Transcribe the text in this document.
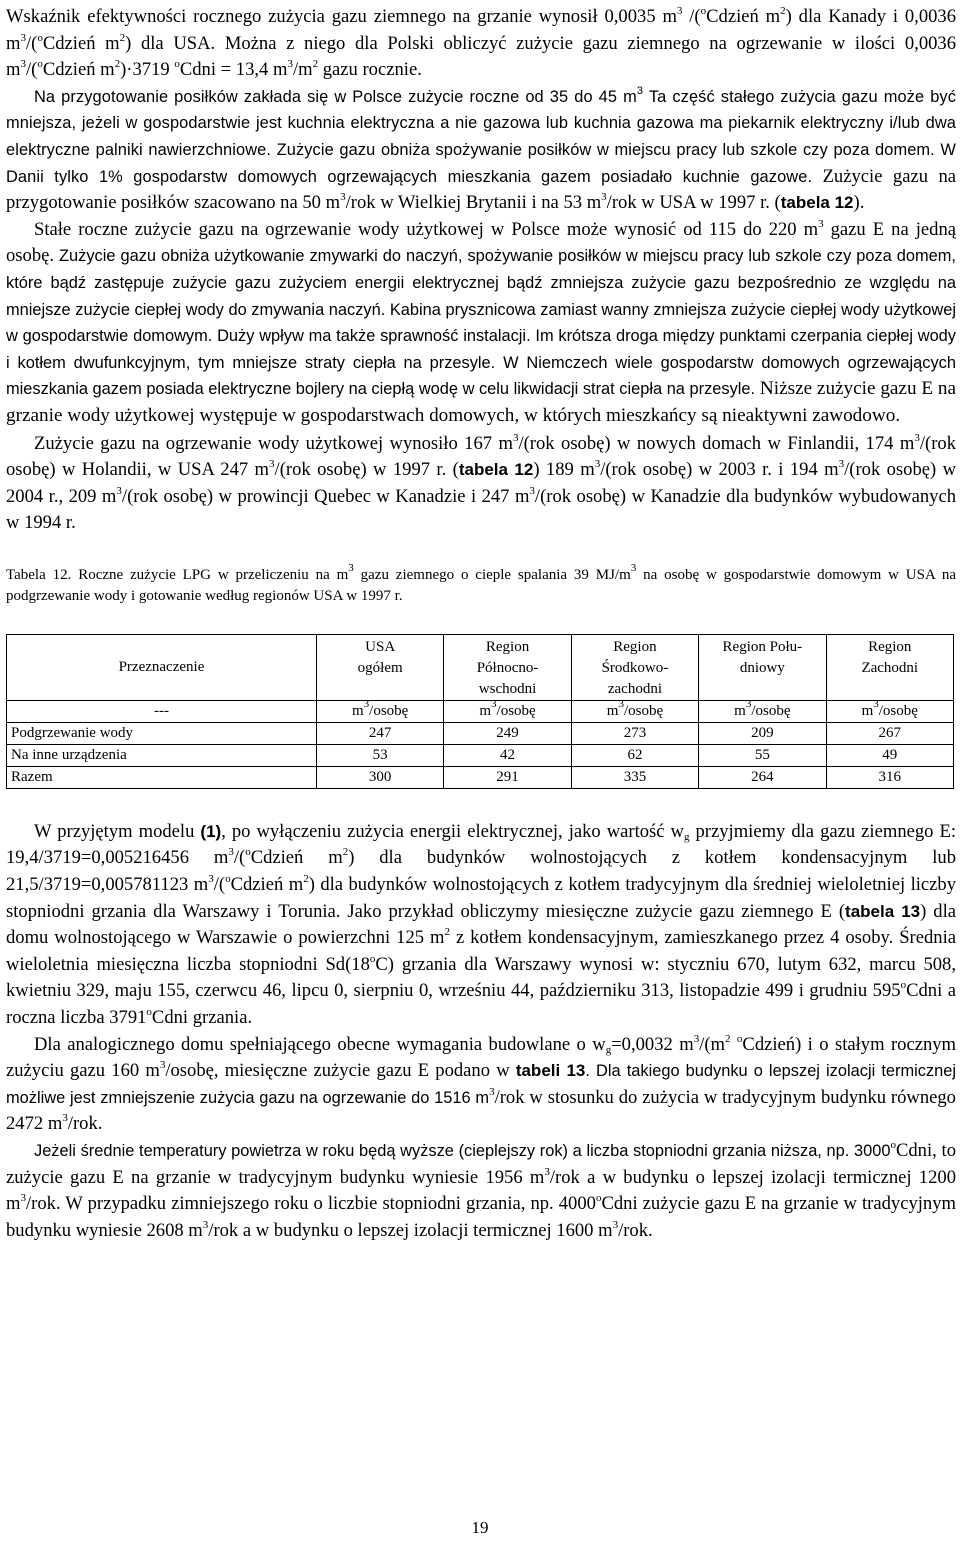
Wskaźnik efektywności rocznego zużycia gazu ziemnego na grzanie wynosił 0,0035 $m^3$ /($^o$Cdzień $m^2$) dla Kanady i 0,0036 $m^3/(^oCdzień$ $m^2$) dla USA. Można z niego dla Polski obliczyć zużycie gazu ziemnego na ogrzewanie w ilości 0,0036 $m^3/(^oCdzień$ $m^2)\cdot 3719$ $^o$Cdni = 13,4 $m^3/m^2$ gazu rocznie.

Na przygotowanie posiłków zakłada się w Polsce zużycie roczne od 35 do 45 $m^3$ Ta część stałego zużycia gazu może być mniejsza, jeżeli w gospodarstwie jest kuchnia elektryczna a nie gazowa lub kuchnia gazowa ma piekarnik elektryczny i/lub dwa elektryczne palniki nawierzchniowe. Zużycie gazu obniża spożywanie posiłków w miejscu pracy lub szkole czy poza domem. W Danii tylko 1% gospodarstw domowych ogrzewających mieszkania gazem posiadało kuchnie gazowe. Zużycie gazu na przygotowanie posiłków szacowano na 50 $m^3$/rok w Wielkiej Brytanii i na 53 $m^3$/rok w USA w 1997 r. (tabela 12).

Stałe roczne zużycie gazu na ogrzewanie wody użytkowej w Polsce może wynosić od 115 do 220 $m^3$ gazu E na jedną osobę. Zużycie gazu obniża użytkowanie zmywarki do naczyń, spożywanie posiłków w miejscu pracy lub szkole czy poza domem, które bądź zastępuje zużycie gazu zużyciem energii elektrycznej bądź zmniejsza zużycie gazu bezpośrednio ze względu na mniejsze zużycie ciepłej wody do zmywania naczyń. Kabina prysznicowa zamiast wanny zmniejsza zużycie ciepłej wody użytkowej w gospodarstwie domowym. Duży wpływ ma także sprawność instalacji. Im krótsza droga między punktami czerpania ciepłej wody i kotłem dwufunkcyjnym, tym mniejsze straty ciepła na przesyle. W Niemczech wiele gospodarstw domowych ogrzewających mieszkania gazem posiada elektryczne bojlery na ciepłą wodę w celu likwidacji strat ciepła na przesyle. Niższe zużycie gazu E na grzanie wody użytkowej występuje w gospodarstwach domowych, w których mieszkańcy są nieaktywni zawodowo.

Zużycie gazu na ogrzewanie wody użytkowej wynosiło 167 $m^3/(rok$ osobę) w nowych domach w Finlandii, 174 $m^3/(rok$ osobę) w Holandii, w USA 247 $m^3/(rok$ osobę) w 1997 r. (tabela 12) 189 $m^3/(rok$ osobę) w 2003 r. i 194 $m^3/(rok$ osobę) w 2004 r., 209 $m^3/(rok$ osobę) w prowincji Quebec w Kanadzie i 247 $m^3/(rok$ osobę) w Kanadzie dla budynków wybudowanych w 1994 r.

Tabela 12. Roczne zużycie LPG w przeliczeniu na $m^3$ gazu ziemnego o cieple spalania 39 $MJ/m^3$ na osobę w gospodarstwie domowym w USA na podgrzewanie wody i gotowanie według regionów USA w 1997 r.

Przeznaczenie	USA ogółem	Region Północno-wschodni	Region Środkowo-zachodni	Region Połu-dniowy	Region Zachodni
---	$m^3$/osobę	$m^3$/osobę	$m^3$/osobę	$m^3$/osobę	$m^3$/osobę
Podgrzewanie wody	247	249	273	209	267
Na inne urządzenia	53	42	62	55	49
Razem	300	291	335	264	316

W przyjętym modelu (1), po wyłączeniu zużycia energii elektrycznej, jako wartość $w_g$ przyjmiemy dla gazu ziemnego E: 19,4/3719=0,005216456 $m^3/(^oCdzień$ $m^2$) dla budynków wolnostojących z kotłem kondensacyjnym lub 21,5/3719=0,005781123 $m^3/(^oCdzień$ $m^2$) dla budynków wolnostojących z kotłem tradycyjnym dla średniej wieloletniej liczby stopniodni grzania dla Warszawy i Torunia. Jako przykład obliczymy miesięczne zużycie gazu ziemnego E (tabela 13) dla domu wolnostojącego w Warszawie o powierzchni 125 $m^2$ z kotłem kondensacyjnym, zamieszkanego przez 4 osoby. Średnia wieloletnia miesięczna liczba stopniodni Sd(18$^o$C) grzania dla Warszawy wynosi w: styczniu 670, lutym 632, marcu 508, kwietniu 329, maju 155, czerwcu 46, lipcu 0, sierpniu 0, wrześniu 44, październiku 313, listopadzie 499 i grudniu 595$^o$Cdni a roczna liczba 3791$^o$Cdni grzania.

Dla analogicznego domu spełniającego obecne wymagania budowlane o $w_g=0,0032$ $m^3/(m^2$ $^o$Cdzień) i o stałym rocznym zużyciu gazu 160 $m^3$/osobę, miesięczne zużycie gazu E podano w tabeli 13. Dla takiego budynku o lepszej izolacji termicznej możliwe jest zmniejszenie zużycia gazu na ogrzewanie do 1516 $m^3$/rok w stosunku do zużycia w tradycyjnym budynku równego 2472 $m^3$/rok.

Jeżeli średnie temperatury powietrza w roku będą wyższe (cieplejszy rok) a liczba stopniodni grzania niższa, np. 3000$^o$Cdni, to zużycie gazu E na grzanie w tradycyjnym budynku wyniesie 1956 $m^3$/rok a w budynku o lepszej izolacji termicznej 1200 $m^3$/rok. W przypadku zimniejszego roku o liczbie stopniodni grzania, np. 4000$^o$Cdni zużycie gazu E na grzanie w tradycyjnym budynku wyniesie 2608 $m^3$/rok a w budynku o lepszej izolacji termicznej 1600 $m^3$/rok.

19
